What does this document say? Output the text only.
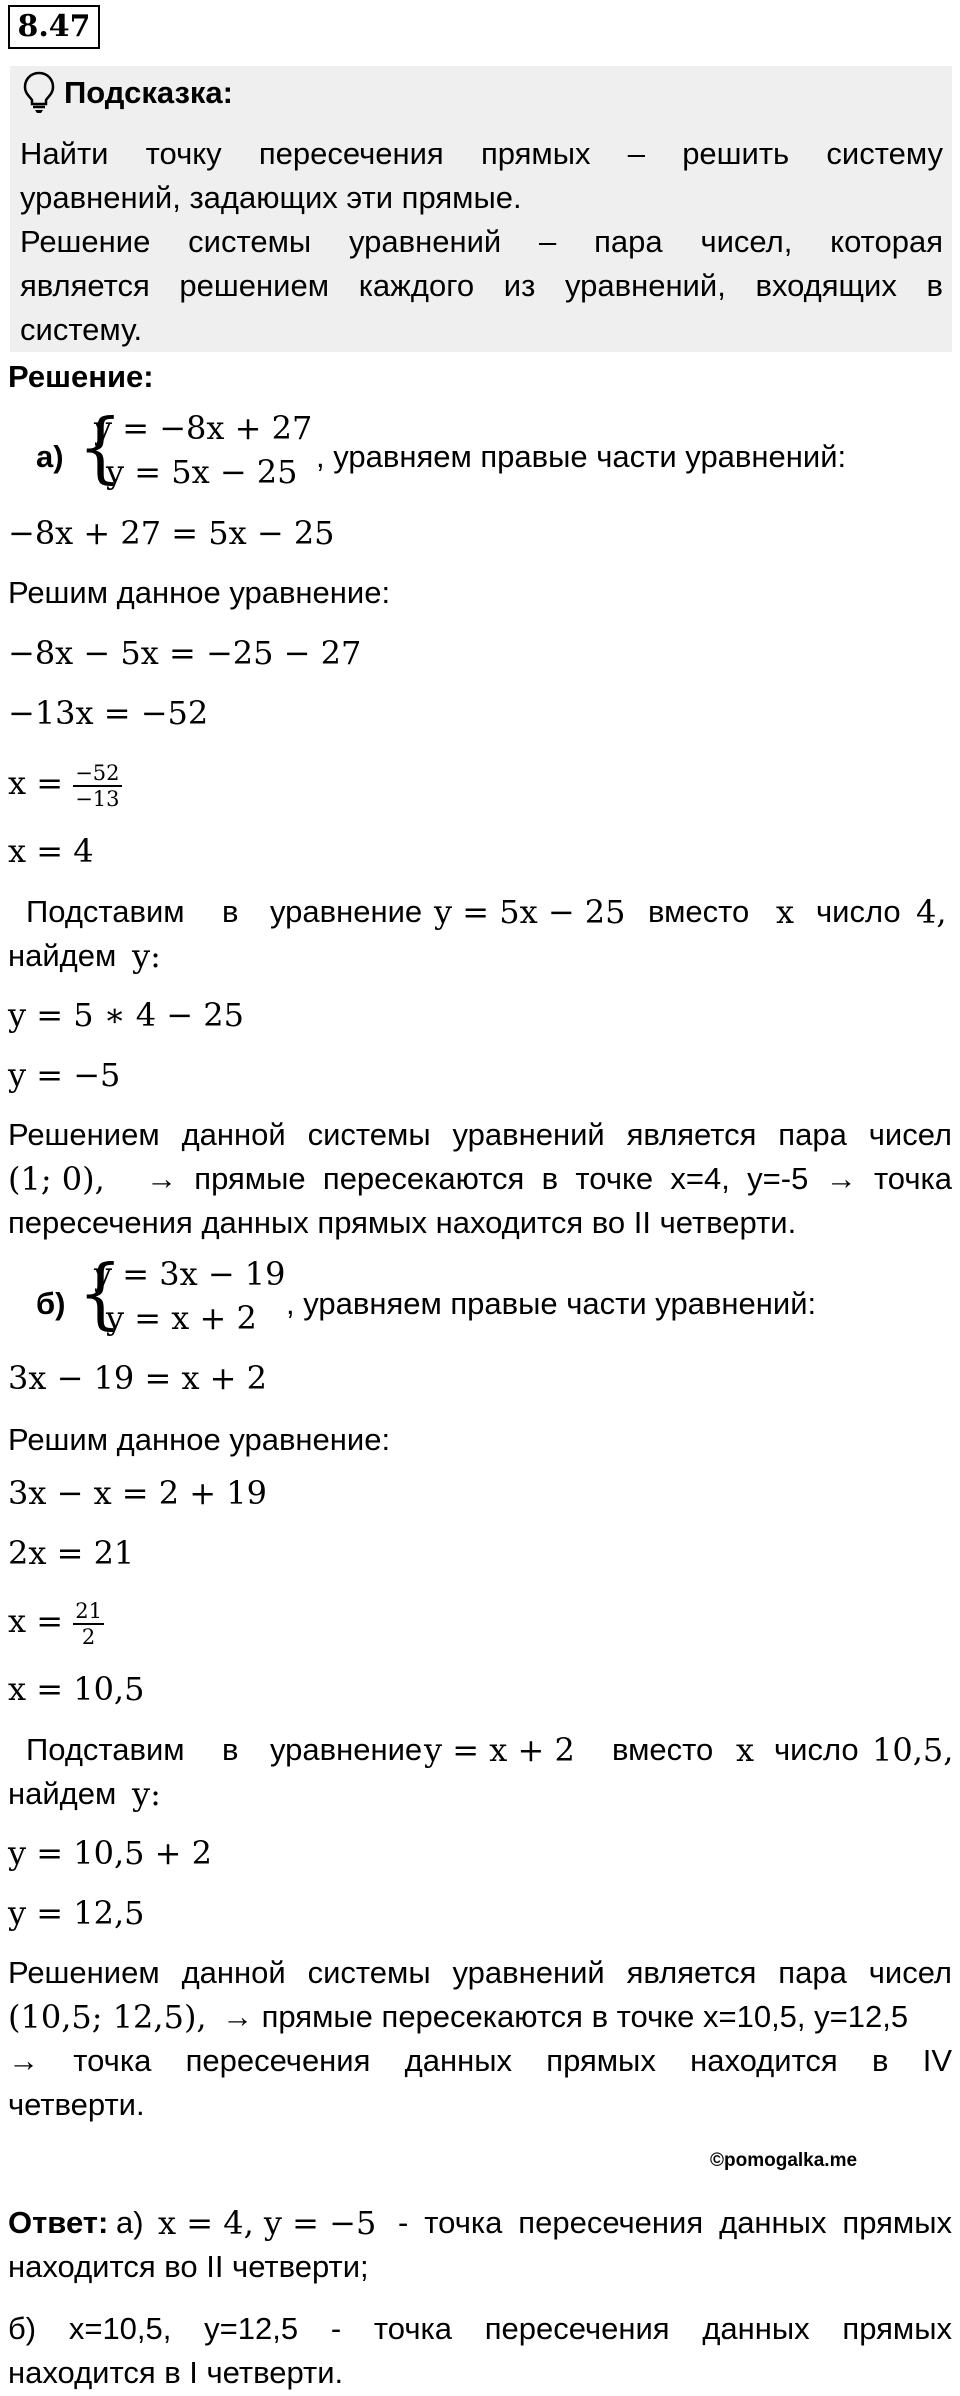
8.47
Подсказка:
Найти точку пересечения прямых – решить систему
уравнений, задающих эти прямые.
Решение системы уравнений – пара чисел, которая
является решением каждого из уравнений, входящих в
систему.
Решение:
а) {
y = −8x + 27
y = 5x − 25 , уравняем правые части уравнений:
−8x + 27 = 5x − 25
Решим данное уравнение:
−8x − 5x = −25 − 27
−13x = −52
$x = \frac{-52}{-13}$
x = 4
Подставим в уравнение y = 5x − 25 вместо x число 4,
найдем y:
y = 5 ∗ 4 − 25
y = −5
Решением данной системы уравнений является пара чисел
(1; 0), → прямые пересекаются в точке x=4, y=-5 → точка
пересечения данных прямых находится во II четверти.
б) {
y = 3x − 19
y = x + 2 , уравняем правые части уравнений:
3x − 19 = x + 2
Решим данное уравнение:
3x − x = 2 + 19
2x = 21
$x = \frac{21}{2}$
x = 10,5
Подставим в уравнение y = x + 2 вместо x число 10,5,
найдем y:
y = 10,5 + 2
y = 12,5
Решением данной системы уравнений является пара чисел
(10,5; 12,5), → прямые пересекаются в точке x=10,5, y=12,5
→ точка пересечения данных прямых находится в IV
четверти.
©pomogalka.me
Ответ: а) x = 4, y = −5 - точка пересечения данных прямых
находится во II четверти;
б) x=10,5, y=12,5 - точка пересечения данных прямых
находится в I четверти.
